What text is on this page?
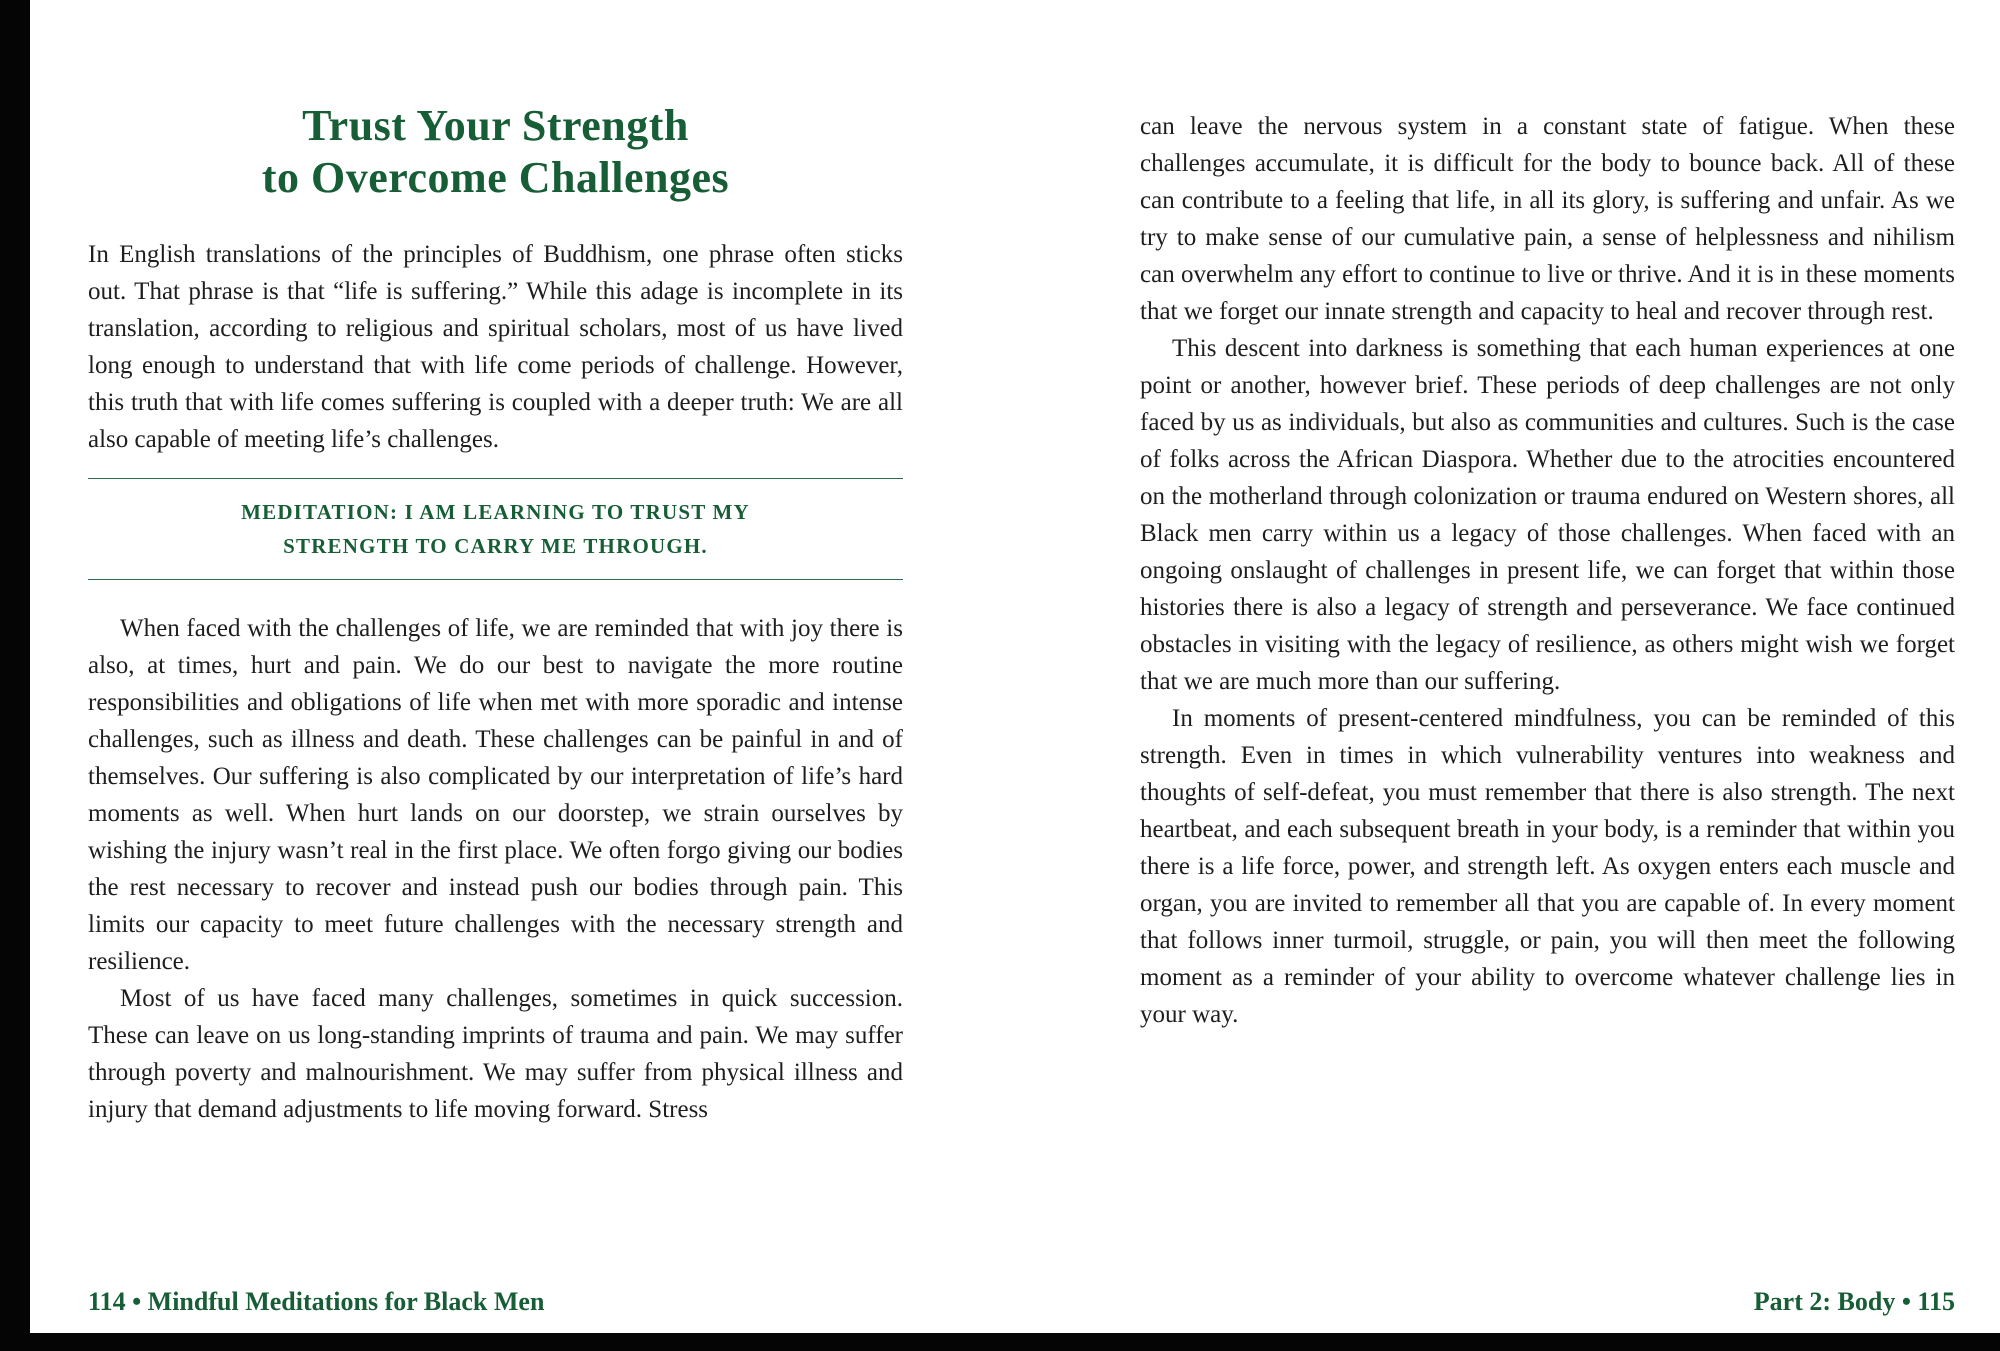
Trust Your Strength
to Overcome Challenges

In English translations of the principles of Buddhism, one phrase often sticks out. That phrase is that “life is suffering.” While this adage is incomplete in its translation, according to religious and spiritual scholars, most of us have lived long enough to understand that with life come periods of challenge. However, this truth that with life comes suffering is coupled with a deeper truth: We are all also capable of meeting life’s challenges.

MEDITATION: I AM LEARNING TO TRUST MY
STRENGTH TO CARRY ME THROUGH.

When faced with the challenges of life, we are reminded that with joy there is also, at times, hurt and pain. We do our best to navigate the more routine responsibilities and obligations of life when met with more sporadic and intense challenges, such as illness and death. These challenges can be painful in and of themselves. Our suffering is also complicated by our interpretation of life’s hard moments as well. When hurt lands on our doorstep, we strain ourselves by wishing the injury wasn’t real in the first place. We often forgo giving our bodies the rest necessary to recover and instead push our bodies through pain. This limits our capacity to meet future challenges with the necessary strength and resilience.

Most of us have faced many challenges, sometimes in quick succession. These can leave on us long-standing imprints of trauma and pain. We may suffer through poverty and malnourishment. We may suffer from physical illness and injury that demand adjustments to life moving forward. Stress

114 • Mindful Meditations for Black Men

can leave the nervous system in a constant state of fatigue. When these challenges accumulate, it is difficult for the body to bounce back. All of these can contribute to a feeling that life, in all its glory, is suffering and unfair. As we try to make sense of our cumulative pain, a sense of helplessness and nihilism can overwhelm any effort to continue to live or thrive. And it is in these moments that we forget our innate strength and capacity to heal and recover through rest.

This descent into darkness is something that each human experiences at one point or another, however brief. These periods of deep challenges are not only faced by us as individuals, but also as communities and cultures. Such is the case of folks across the African Diaspora. Whether due to the atrocities encountered on the motherland through colonization or trauma endured on Western shores, all Black men carry within us a legacy of those challenges. When faced with an ongoing onslaught of challenges in present life, we can forget that within those histories there is also a legacy of strength and perseverance. We face continued obstacles in visiting with the legacy of resilience, as others might wish we forget that we are much more than our suffering.

In moments of present-centered mindfulness, you can be reminded of this strength. Even in times in which vulnerability ventures into weakness and thoughts of self-defeat, you must remember that there is also strength. The next heartbeat, and each subsequent breath in your body, is a reminder that within you there is a life force, power, and strength left. As oxygen enters each muscle and organ, you are invited to remember all that you are capable of. In every moment that follows inner turmoil, struggle, or pain, you will then meet the following moment as a reminder of your ability to overcome whatever challenge lies in your way.

Part 2: Body • 115
